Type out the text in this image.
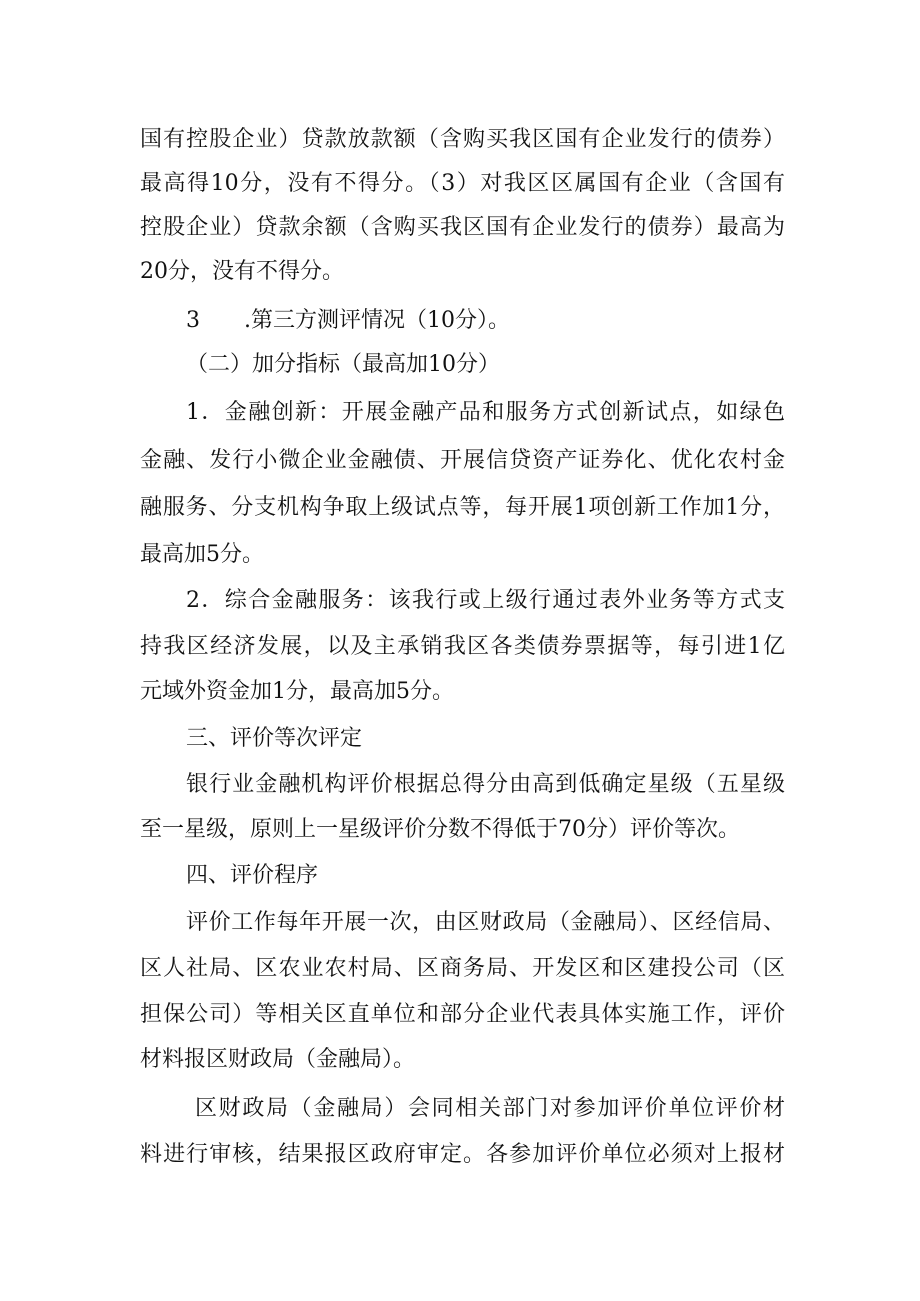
国有控股企业）贷款放款额（含购买我区国有企业发行的债券）
最高得10分，没有不得分。（3）对我区区属国有企业（含国有
控股企业）贷款余额（含购买我区国有企业发行的债券）最高为
20分，没有不得分。
3　　.第三方测评情况（10分）。
（二）加分指标（最高加10分）
1．金融创新：开展金融产品和服务方式创新试点，如绿色
金融、发行小微企业金融债、开展信贷资产证券化、优化农村金
融服务、分支机构争取上级试点等，每开展1项创新工作加1分，
最高加5分。
2．综合金融服务：该我行或上级行通过表外业务等方式支
持我区经济发展，以及主承销我区各类债券票据等，每引进1亿
元域外资金加1分，最高加5分。
三、评价等次评定
银行业金融机构评价根据总得分由高到低确定星级（五星级
至一星级，原则上一星级评价分数不得低于70分）评价等次。
四、评价程序
评价工作每年开展一次，由区财政局（金融局）、区经信局、
区人社局、区农业农村局、区商务局、开发区和区建投公司（区
担保公司）等相关区直单位和部分企业代表具体实施工作，评价
材料报区财政局（金融局）。
区财政局（金融局）会同相关部门对参加评价单位评价材
料进行审核，结果报区政府审定。各参加评价单位必须对上报材
